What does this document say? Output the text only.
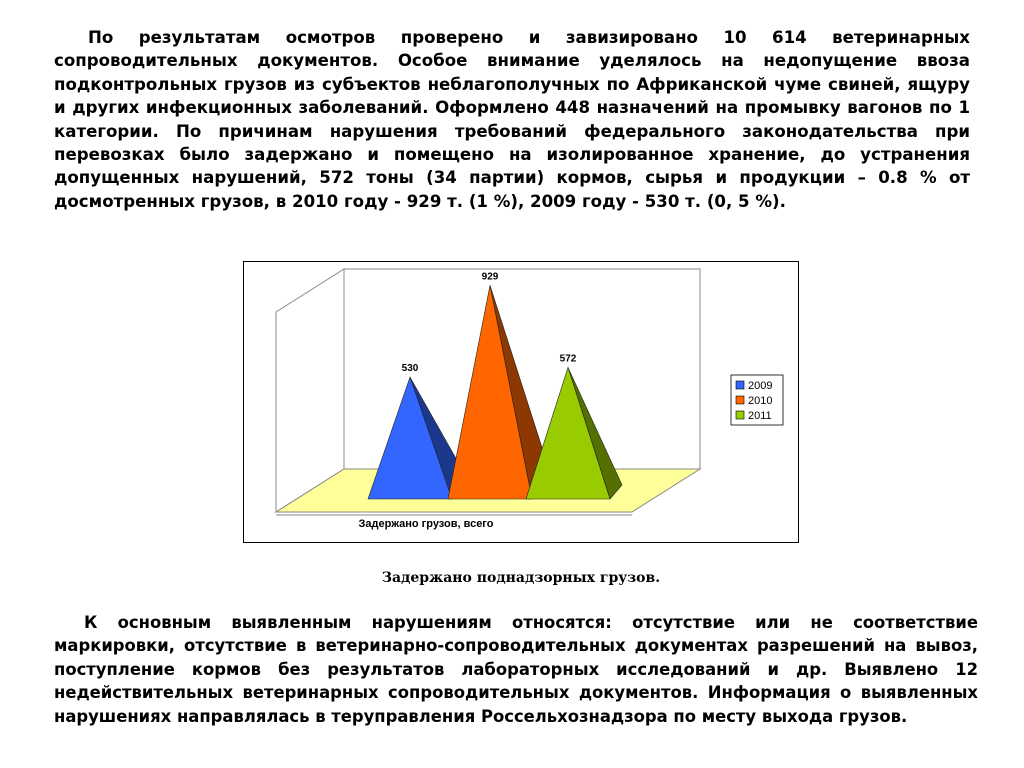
По результатам осмотров проверено и завизировано 10 614 ветеринарных сопроводительных документов. Особое внимание уделялось на недопущение ввоза подконтрольных грузов из субъектов неблагополучных по Африканской чуме свиней, ящуру и других инфекционных заболеваний. Оформлено 448 назначений на промывку вагонов по 1 категории. По причинам нарушения требований федерального законодательства при перевозках было задержано и помещено на изолированное хранение, до устранения допущенных нарушений, 572 тоны (34 партии) кормов, сырья и продукции – 0.8 % от досмотренных грузов, в 2010 году - 929 т. (1 %), 2009 году - 530 т. (0, 5 %).

530
929
572
2009
2010
2011
Задержано грузов, всего

Задержано поднадзорных грузов.

К основным выявленным нарушениям относятся: отсутствие или не соответствие маркировки, отсутствие в ветеринарно-сопроводительных документах разрешений на вывоз, поступление кормов без результатов лабораторных исследований и др. Выявлено 12 недействительных ветеринарных сопроводительных документов. Информация о выявленных нарушениях направлялась в теруправления Россельхознадзора по месту выхода грузов.
